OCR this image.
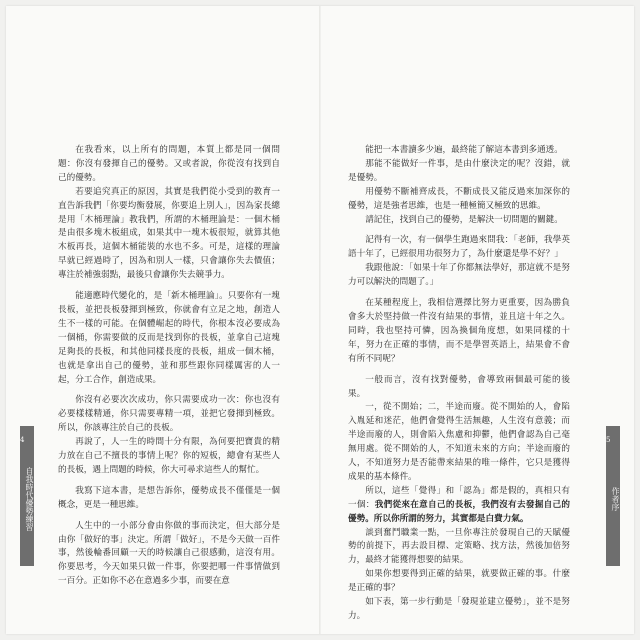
在我看來，以上所有的問題，本質上都是同一個問題：你沒有發揮自己的優勢。又或者說，你從沒有找到自己的優勢。

若要追究真正的原因，其實是我們從小受到的教育一直告訴我們「你要均衡發展，你要追上別人」，因為家長總是用「木桶理論」教我們，所謂的木桶理論是：一個木桶是由很多塊木板組成，如果其中一塊木板很短，就算其他木板再長，這個木桶能裝的水也不多。可是，這樣的理論早就已經過時了，因為和別人一樣，只會讓你失去價值；專注於補強弱點，最後只會讓你失去競爭力。

能適應時代變化的，是「新木桶理論」。只要你有一塊長板，並把長板發揮到極致，你就會有立足之地，創造人生不一樣的可能。在個體崛起的時代，你根本沒必要成為一個桶，你需要做的反而是找到你的長板，並拿自己這塊足夠長的長板，和其他同樣長度的長板，組成一個木桶，也就是拿出自己的優勢，並和那些跟你同樣厲害的人一起，分工合作，創造成果。

你沒有必要次次成功，你只需要成功一次：你也沒有必要樣樣精通，你只需要專精一項，並把它發揮到極致。所以，你該專注於自己的長板。

再說了，人一生的時間十分有限，為何要把寶貴的精力放在自己不擅長的事情上呢？你的短板，總會有某些人的長板，遇上問題的時候，你大可尋求這些人的幫忙。

我寫下這本書，是想告訴你，優勢成長不僅僅是一個概念，更是一種思維。

人生中的一小部分會由你做的事而決定，但大部分是由你「做好的事」決定。所謂「做好」，不是今天做一百件事，然後輪番回顧一天的時候讓自己很感動，這沒有用。你要思考，今天如果只做一件事，你要把哪一件事情做到一百分。正如你不必在意過多少事，而要在意

能把一本書讀多少遍，最終能了解這本書到多通透。

那能不能做好一件事，是由什麼決定的呢？沒錯，就是優勢。

用優勢不斷補齊成長，不斷成長又能反過來加深你的優勢，這是強者思維，也是一種極簡又極致的思維。

請記住，找到自己的優勢，是解決一切問題的關鍵。

記得有一次，有一個學生跑過來問我：「老師，我學英語十年了，已經很用功很努力了，為什麼還是學不好？」

我跟他說：「如果十年了你都無法學好，那這就不是努力可以解決的問題了。」

在某種程度上，我相信選擇比努力更重要，因為勝負會多大於堅持做一件沒有結果的事情，並且這十年之久。同時，我也堅持可憐，因為換個角度想，如果同樣的十年，努力在正確的事情，而不是學習英語上，結果會不會有所不同呢？

一般而言，沒有找對優勢，會導致兩個最可能的後果。

一，從不開始；二，半途而廢。從不開始的人，會陷入胤延和迷茫，他們會覺得生活無趣，人生沒有意義；而半途而廢的人，則會陷入焦慮和抑鬱，他們會認為自己毫無用處。從不開始的人，不知道未來的方向；半途而廢的人，不知道努力是否能帶來結果的唯一條件，它只是獲得成果的基本條件。

所以，這些「覺得」和「認為」都是假的，真相只有一個：我們從來在意自己的長板，我們沒有去發掘自己的優勢。所以你所謂的努力，其實都是白費力氣。

談到奮鬥職業一點，一旦你專注於發現自己的天賦優勢的前提下，再去設目標、定策略、找方法，然後加倍努力，最終才能獲得想要的結果。

如果你想要得到正確的結果，就要做正確的事。什麼是正確的事？

如下表，第一步行動是「發現並建立優勢」，並不是努力。

自我時代優勢練習
4
作者序
5
